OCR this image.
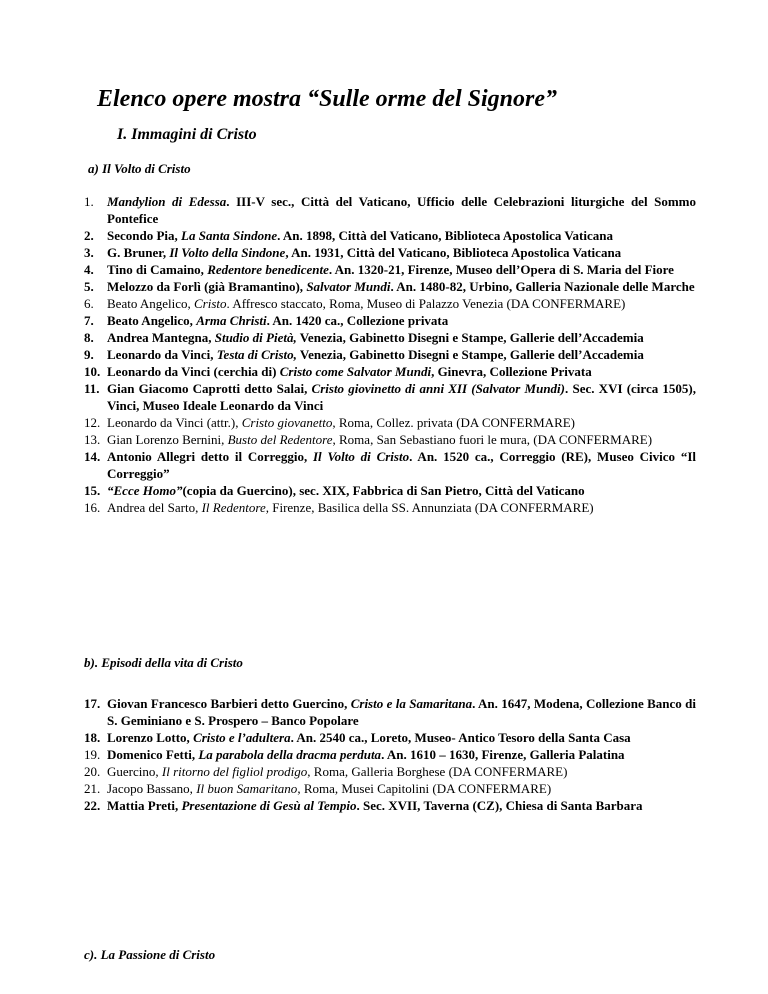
Elenco opere mostra “Sulle orme del Signore”
I. Immagini di Cristo
a) Il Volto di Cristo
1. Mandylion di Edessa. III-V sec., Città del Vaticano, Ufficio delle Celebrazioni liturgiche del Sommo Pontefice
2. Secondo Pia, La Santa Sindone. An. 1898, Città del Vaticano, Biblioteca Apostolica Vaticana
3. G. Bruner, Il Volto della Sindone, An. 1931, Città del Vaticano, Biblioteca Apostolica Vaticana
4. Tino di Camaino, Redentore benedicente. An. 1320-21, Firenze, Museo dell’Opera di S. Maria del Fiore
5. Melozzo da Forlì (già Bramantino), Salvator Mundi. An. 1480-82, Urbino, Galleria Nazionale delle Marche
6. Beato Angelico, Cristo. Affresco staccato, Roma, Museo di Palazzo Venezia (DA CONFERMARE)
7. Beato Angelico, Arma Christi. An. 1420 ca., Collezione privata
8. Andrea Mantegna, Studio di Pietà, Venezia, Gabinetto Disegni e Stampe, Gallerie dell’Accademia
9. Leonardo da Vinci, Testa di Cristo, Venezia, Gabinetto Disegni e Stampe, Gallerie dell’Accademia
10. Leonardo da Vinci (cerchia di) Cristo come Salvator Mundi, Ginevra, Collezione Privata
11. Gian Giacomo Caprotti detto Salai, Cristo giovinetto di anni XII (Salvator Mundi). Sec. XVI (circa 1505), Vinci, Museo Ideale Leonardo da Vinci
12. Leonardo da Vinci (attr.), Cristo giovanetto, Roma, Collez. privata (DA CONFERMARE)
13. Gian Lorenzo Bernini, Busto del Redentore, Roma, San Sebastiano fuori le mura, (DA CONFERMARE)
14. Antonio Allegri detto il Correggio, Il Volto di Cristo. An. 1520 ca., Correggio (RE), Museo Civico “Il Correggio”
15. “Ecce Homo”(copia da Guercino), sec. XIX, Fabbrica di San Pietro, Città del Vaticano
16. Andrea del Sarto, Il Redentore, Firenze, Basilica della SS. Annunziata (DA CONFERMARE)
b). Episodi della vita di Cristo
17. Giovan Francesco Barbieri detto Guercino, Cristo e la Samaritana. An. 1647, Modena, Collezione Banco di S. Geminiano e S. Prospero – Banco Popolare
18. Lorenzo Lotto, Cristo e l’adultera. An. 2540 ca., Loreto, Museo- Antico Tesoro della Santa Casa
19. Domenico Fetti, La parabola della dracma perduta. An. 1610 – 1630, Firenze, Galleria Palatina
20. Guercino, Il ritorno del figliol prodigo, Roma, Galleria Borghese (DA CONFERMARE)
21. Jacopo Bassano, Il buon Samaritano, Roma, Musei Capitolini (DA CONFERMARE)
22. Mattia Preti, Presentazione di Gesù al Tempio. Sec. XVII, Taverna (CZ), Chiesa di Santa Barbara
c). La Passione di Cristo
